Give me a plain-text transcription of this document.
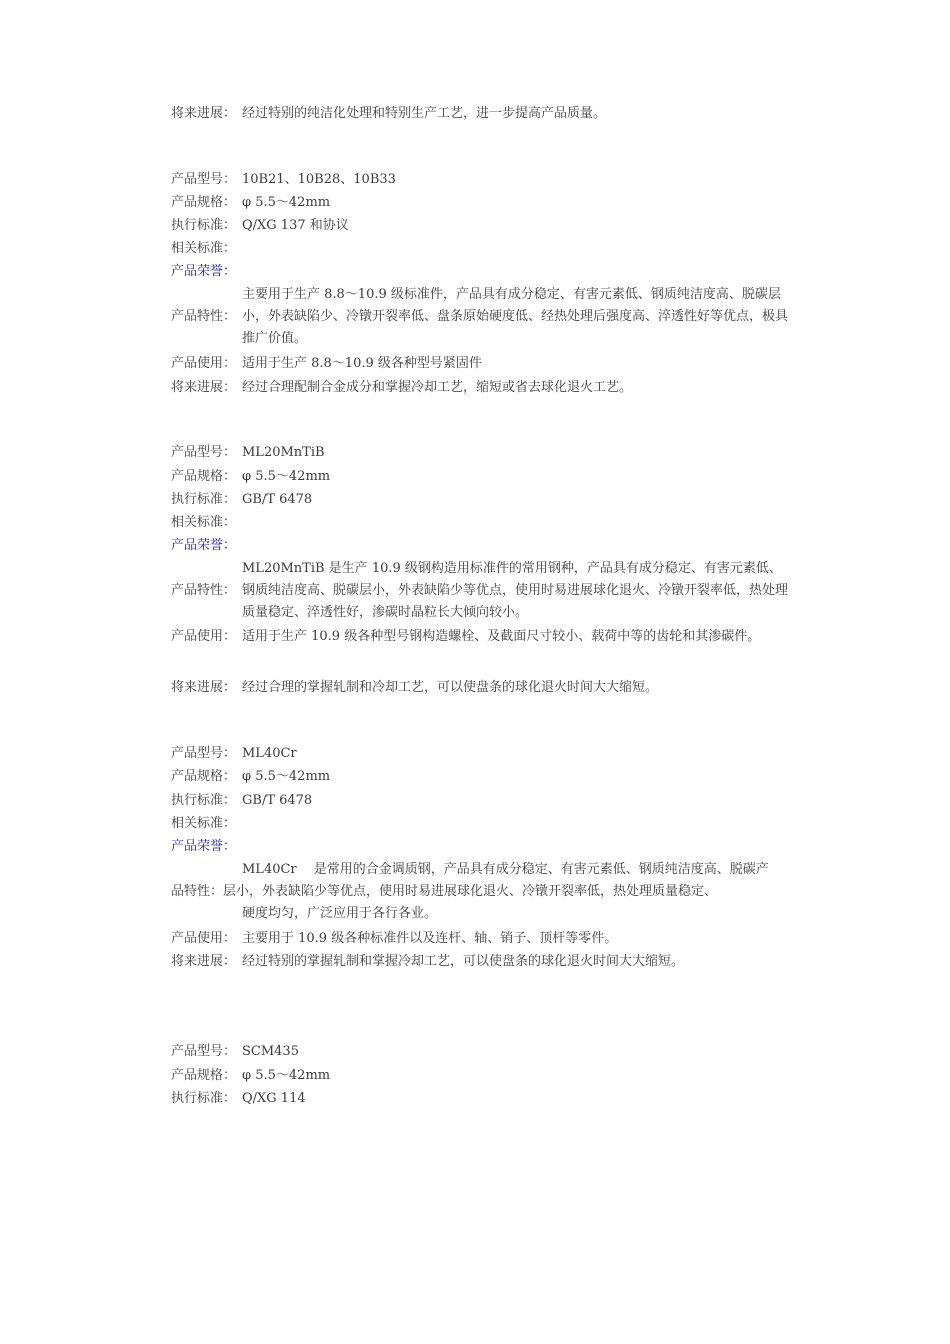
将来进展： 经过特别的纯洁化处理和特别生产工艺，进一步提高产品质量。
产品型号： 10B21、10B28、10B33
产品规格： φ 5.5～42mm
执行标准： Q/XG 137 和协议
相关标准：
产品荣誉：
产品特性：
主要用于生产 8.8～10.9 级标准件，产品具有成分稳定、有害元素低、钢质纯洁度高、脱碳层小，外表缺陷少、冷镦开裂率低、盘条原始硬度低、经热处理后强度高、淬透性好等优点，极具推广价值。
产品使用： 适用于生产 8.8～10.9 级各种型号紧固件
将来进展： 经过合理配制合金成分和掌握冷却工艺，缩短或省去球化退火工艺。
产品型号： ML20MnTiB
产品规格： φ 5.5～42mm
执行标准： GB/T 6478
相关标准：
产品荣誉：
产品特性：
ML20MnTiB 是生产 10.9 级钢构造用标准件的常用钢种，产品具有成分稳定、有害元素低、钢质纯洁度高、脱碳层小，外表缺陷少等优点，使用时易进展球化退火、冷镦开裂率低，热处理质量稳定、淬透性好，渗碳时晶粒长大倾向较小。
产品使用： 适用于生产 10.9 级各种型号钢构造螺栓、及截面尺寸较小、载荷中等的齿轮和其渗碳件。
将来进展： 经过合理的掌握轧制和冷却工艺，可以使盘条的球化退火时间大大缩短。
产品型号： ML40Cr
产品规格： φ 5.5～42mm
执行标准： GB/T 6478
相关标准：
产品荣誉：
ML40Cr　 是常用的合金调质钢，产品具有成分稳定、有害元素低、钢质纯洁度高、脱碳产
品特性：层小，外表缺陷少等优点，使用时易进展球化退火、冷镦开裂率低，热处理质量稳定、
硬度均匀，广泛应用于各行各业。
产品使用： 主要用于 10.9 级各种标准件以及连杆、轴、销子、顶杆等零件。
将来进展： 经过特别的掌握轧制和掌握冷却工艺，可以使盘条的球化退火时间大大缩短。
产品型号： SCM435
产品规格： φ 5.5～42mm
执行标准： Q/XG 114
